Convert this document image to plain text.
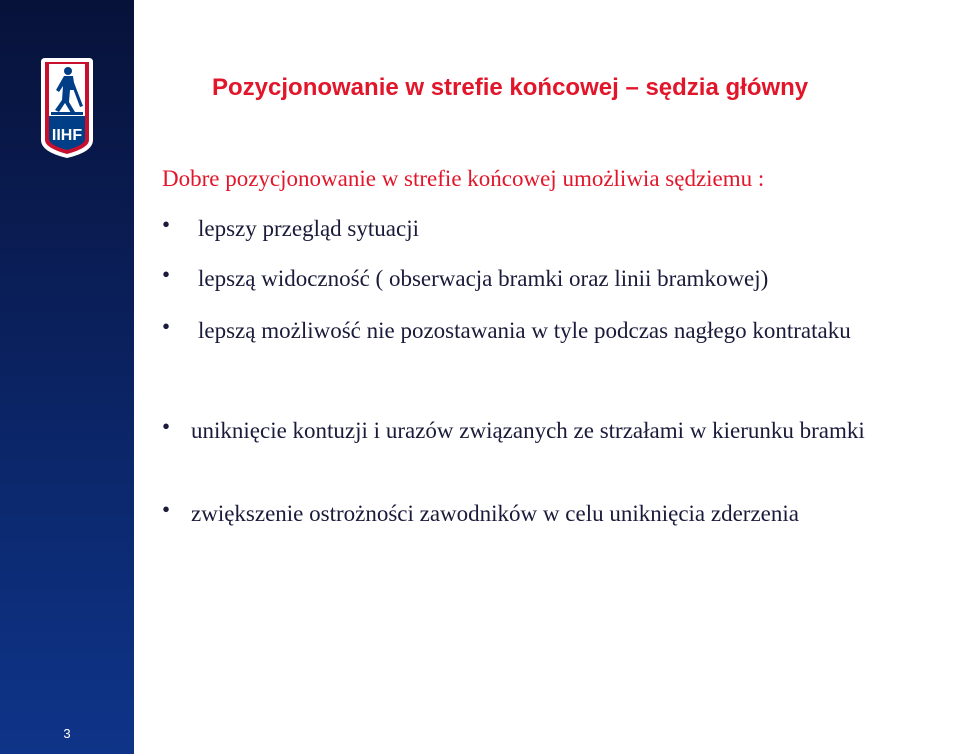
IIHF
3
Pozycjonowanie w strefie końcowej – sędzia główny
Dobre pozycjonowanie w strefie końcowej umożliwia sędziemu :
• lepszy przegląd sytuacji
• lepszą widoczność ( obserwacja bramki oraz linii bramkowej)
• lepszą możliwość nie pozostawania w tyle podczas nagłego kontrataku
• uniknięcie kontuzji i urazów związanych ze strzałami w kierunku bramki
• zwiększenie ostrożności zawodników w celu uniknięcia zderzenia
